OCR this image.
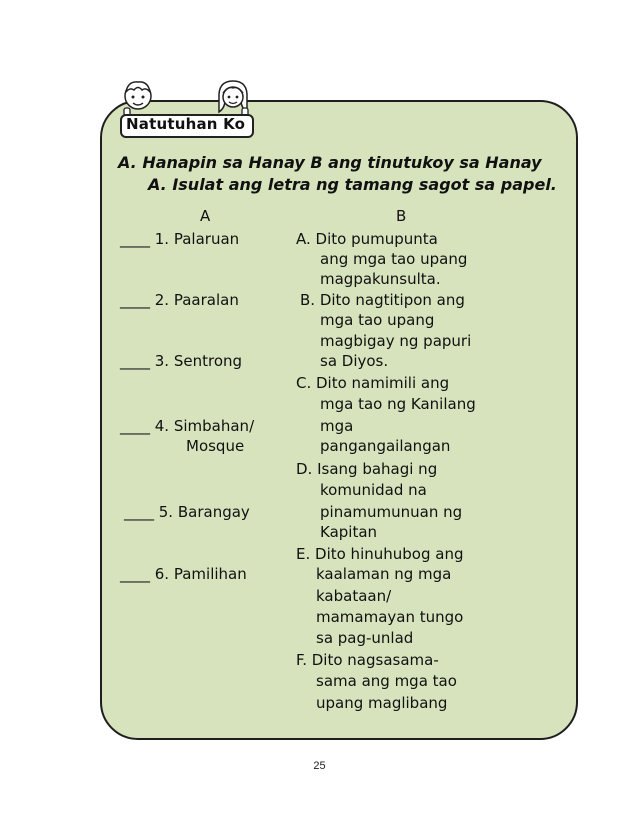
Natutuhan Ko
A. Hanapin sa Hanay B ang tinutukoy sa Hanay
A. Isulat ang letra ng tamang sagot sa papel.
A
____ 1. Palaruan
____ 2. Paaralan
____ 3. Sentrong
____ 4. Simbahan/
Mosque
____ 5. Barangay
____ 6. Pamilihan
B
A. Dito pumupunta
ang mga tao upang
magpakunsulta.
B. Dito nagtitipon ang
mga tao upang
magbigay ng papuri
sa Diyos.
C. Dito namimili ang
mga tao ng Kanilang
mga
pangangailangan
D. Isang bahagi ng
komunidad na
pinamumunuan ng
Kapitan
E. Dito hinuhubog ang
kaalaman ng mga
kabataan/
mamamayan tungo
sa pag-unlad
F. Dito nagsasama-
sama ang mga tao
upang maglibang
25
